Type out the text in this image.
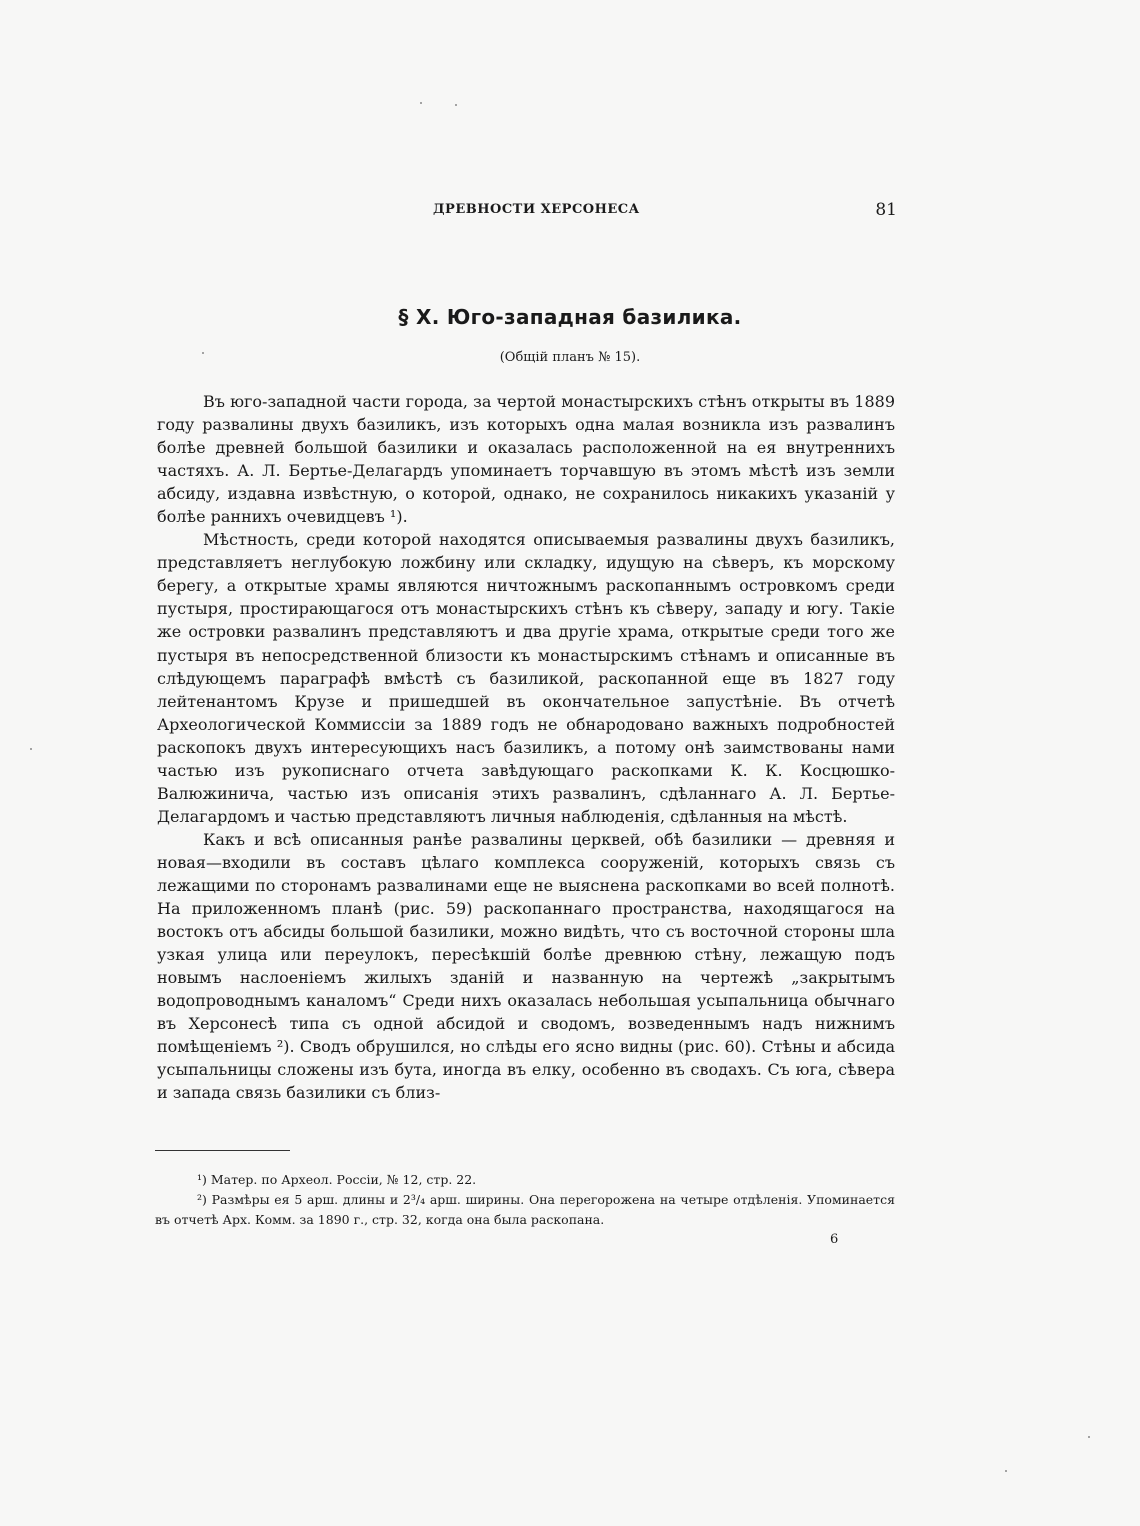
ДРЕВНОСТИ ХЕРСОНЕСА	81
§ X. Юго-западная базилика.
(Общій планъ № 15).

Въ юго-западной части города, за чертой монастырскихъ стѣнъ открыты въ 1889 году развалины двухъ базиликъ, изъ которыхъ одна малая возникла изъ развалинъ болѣе древней большой базилики и оказалась расположенной на ея внутреннихъ частяхъ. А. Л. Бертье-Делагардъ упоминаетъ торчавшую въ этомъ мѣстѣ изъ земли абсиду, издавна извѣстную, о которой, однако, не сохранилось никакихъ указаній у болѣе раннихъ очевидцевъ ¹).

Мѣстность, среди которой находятся описываемыя развалины двухъ базиликъ, представляетъ неглубокую ложбину или складку, идущую на сѣверъ, къ морскому берегу, а открытые храмы являются ничтожнымъ раскопаннымъ островкомъ среди пустыря, простирающагося отъ монастырскихъ стѣнъ къ сѣверу, западу и югу. Такіе же островки развалинъ представляютъ и два другіе храма, открытые среди того же пустыря въ непосредственной близости къ монастырскимъ стѣнамъ и описанные въ слѣдующемъ параграфѣ вмѣстѣ съ базиликой, раскопанной еще въ 1827 году лейтенантомъ Крузе и пришедшей въ окончательное запустѣніе. Въ отчетѣ Археологической Коммиссіи за 1889 годъ не обнародовано важныхъ подробностей раскопокъ двухъ интересующихъ насъ базиликъ, а потому онѣ заимствованы нами частью изъ рукописнаго отчета завѣдующаго раскопками К. К. Косцюшко-Валюжинича, частью изъ описанія этихъ развалинъ, сдѣланнаго А. Л. Бертье-Делагардомъ и частью представляютъ личныя наблюденія, сдѣланныя на мѣстѣ.

Какъ и всѣ описанныя ранѣе развалины церквей, обѣ базилики — древняя и новая—входили въ составъ цѣлаго комплекса сооруженій, которыхъ связь съ лежащими по сторонамъ развалинами еще не выяснена раскопками во всей полнотѣ. На приложенномъ планѣ (рис. 59) раскопаннаго пространства, находящагося на востокъ отъ абсиды большой базилики, можно видѣть, что съ восточной стороны шла узкая улица или переулокъ, пересѣкшій болѣе древнюю стѣну, лежащую подъ новымъ наслоеніемъ жилыхъ зданій и названную на чертежѣ „закрытымъ водопроводнымъ каналомъ“ Среди нихъ оказалась небольшая усыпальница обычнаго въ Херсонесѣ типа съ одной абсидой и сводомъ, возведеннымъ надъ нижнимъ помѣщеніемъ ²). Сводъ обрушился, но слѣды его ясно видны (рис. 60). Стѣны и абсида усыпальницы сложены изъ бута, иногда въ елку, особенно въ сводахъ. Съ юга, сѣвера и запада связь базилики съ близ-

¹) Матер. по Археол. Россіи, № 12, стр. 22.

²) Размѣры ея 5 арш. длины и 2³/₄ арш. ширины. Она перегорожена на четыре отдѣленія. Упоминается въ отчетѣ Арх. Комм. за 1890 г., стр. 32, когда она была раскопана.

6
